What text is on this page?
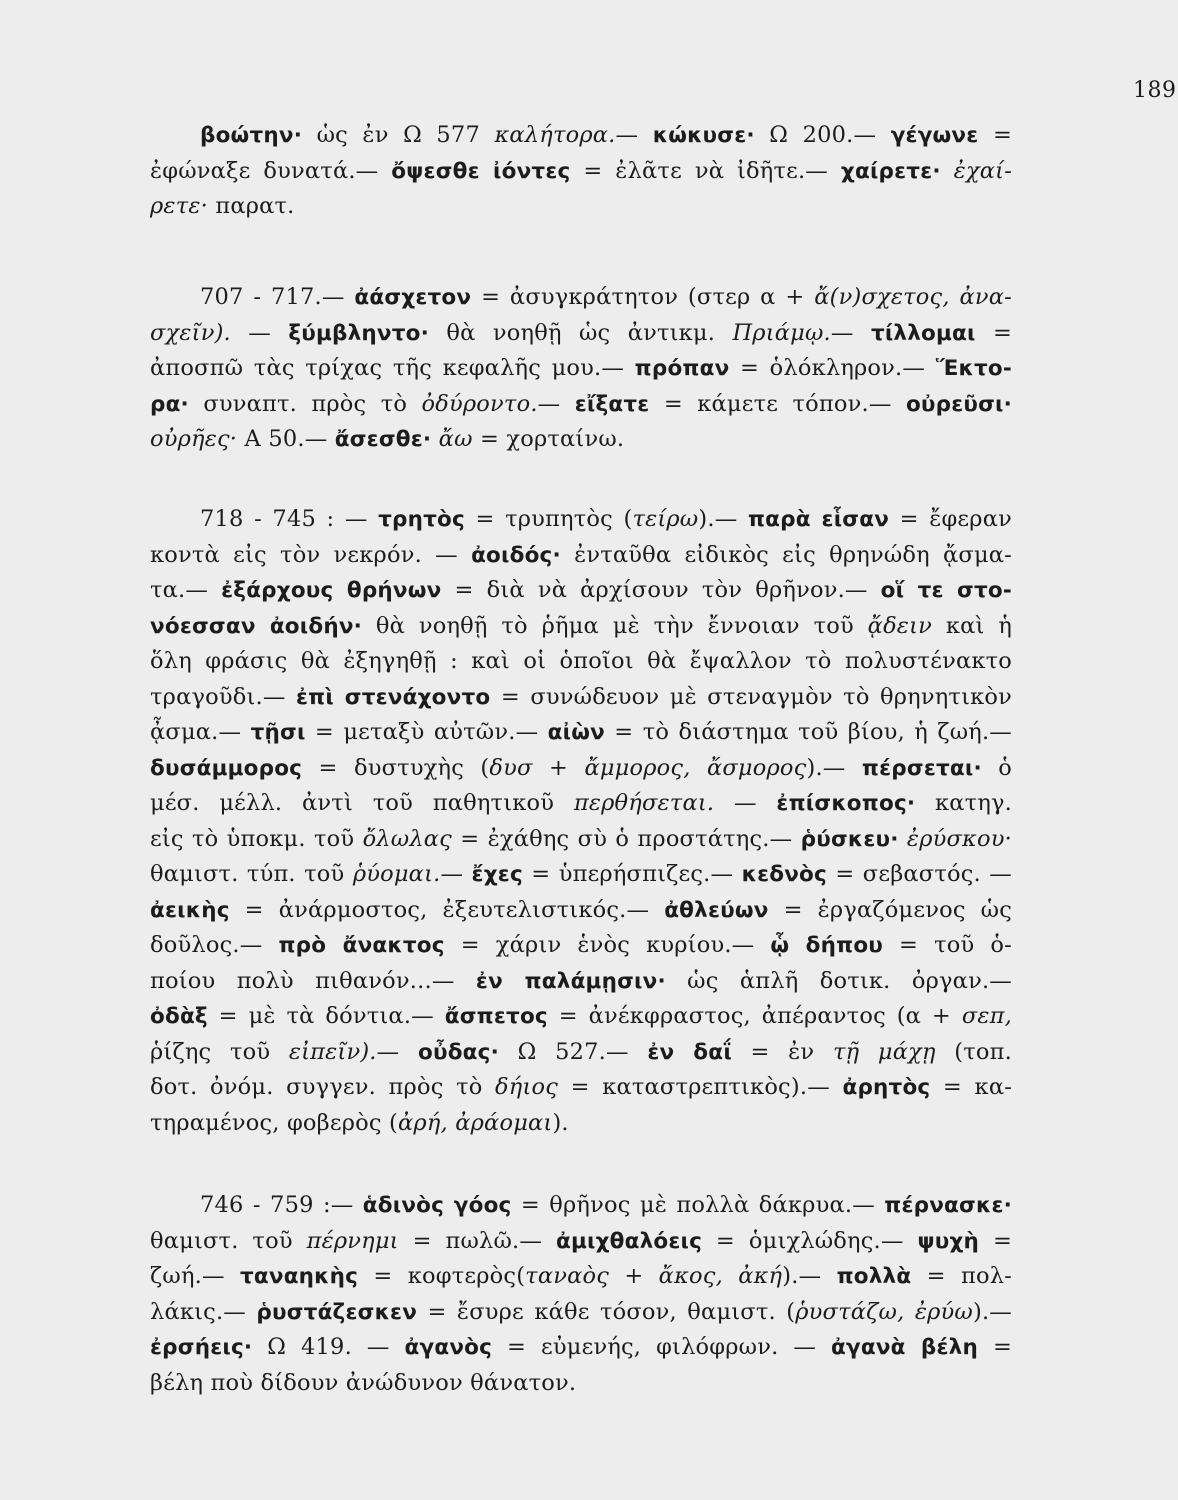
189
βοώτην· ὡς ἐν Ω 577 καλήτορα.— κώκυσε· Ω 200.— γέγωνε =
ἐφώναξε δυνατά.— ὄψεσθε ἰόντες = ἐλᾶτε νὰ ἰδῆτε.— χαίρετε· ἐχαί-
ρετε· παρατ.
707 - 717.— ἀάσχετον = ἀσυγκράτητον (στερ α + ἄ(ν)σχετος, ἀνα-
σχεῖν). — ξύμβληντο· θὰ νοηθῇ ὡς ἀντικμ. Πριάμῳ.— τίλλομαι =
ἀποσπῶ τὰς τρίχας τῆς κεφαλῆς μου.— πρόπαν = ὁλόκληρον.— Ἕκτο-
ρα· συναπτ. πρὸς τὸ ὀδύροντο.— εἴξατε = κάμετε τόπον.— οὐρεῦσι·
οὐρῆες· Α 50.— ἄσεσθε· ἄω = χορταίνω.
718 - 745 : — τρητὸς = τρυπητὸς (τείρω).— παρὰ εἷσαν = ἔφεραν
κοντὰ εἰς τὸν νεκρόν. — ἀοιδός· ἐνταῦθα εἰδικὸς εἰς θρηνώδη ᾄσμα-
τα.— ἐξάρχους θρήνων = διὰ νὰ ἀρχίσουν τὸν θρῆνον.— οἵ τε στο-
νόεσσαν ἀοιδήν· θὰ νοηθῇ τὸ ῥῆμα μὲ τὴν ἔννοιαν τοῦ ᾄδειν καὶ ἡ
ὅλη φράσις θὰ ἐξηγηθῇ : καὶ οἱ ὁποῖοι θὰ ἔψαλλον τὸ πολυστένακτο
τραγοῦδι.— ἐπὶ στενάχοντο = συνώδευον μὲ στεναγμὸν τὸ θρηνητικὸν
ᾆσμα.— τῇσι = μεταξὺ αὐτῶν.— αἰὼν = τὸ διάστημα τοῦ βίου, ἡ ζωή.—
δυσάμμορος = δυστυχὴς (δυσ + ἄμμορος, ἄσμορος).— πέρσεται· ὁ
μέσ. μέλλ. ἀντὶ τοῦ παθητικοῦ περθήσεται. — ἐπίσκοπος· κατηγ.
εἰς τὸ ὑποκμ. τοῦ ὄλωλας = ἐχάθης σὺ ὁ προστάτης.— ῥύσκευ· ἐρύσκου·
θαμιστ. τύπ. τοῦ ῥύομαι.— ἔχες = ὑπερήσπιζες.— κεδνὸς = σεβαστός. —
ἀεικὴς = ἀνάρμοστος, ἐξευτελιστικός.— ἀθλεύων = ἐργαζόμενος ὡς
δοῦλος.— πρὸ ἄνακτος = χάριν ἑνὸς κυρίου.— ᾧ δήπου = τοῦ ὁ-
ποίου πολὺ πιθανόν...— ἐν παλάμῃσιν· ὡς ἁπλῆ δοτικ. ὀργαν.—
ὀδὰξ = μὲ τὰ δόντια.— ἄσπετος = ἀνέκφραστος, ἀπέραντος (α + σεπ,
ῥίζης τοῦ εἰπεῖν).— οὖδας· Ω 527.— ἐν δαΐ = ἐν τῇ μάχῃ (τοπ.
δοτ. ὀνόμ. συγγεν. πρὸς τὸ δήιος = καταστρεπτικὸς).— ἀρητὸς = κα-
τηραμένος, φοβερὸς (ἀρή, ἀράομαι).
746 - 759 :— ἁδινὸς γόος = θρῆνος μὲ πολλὰ δάκρυα.— πέρνασκε·
θαμιστ. τοῦ πέρνημι = πωλῶ.— ἀμιχθαλόεις = ὁμιχλώδης.— ψυχὴ =
ζωή.— ταναηκὴς = κοφτερὸς(ταναὸς + ἄκος, ἀκή).— πολλὰ = πολ-
λάκις.— ῥυστάζεσκεν = ἔσυρε κάθε τόσον, θαμιστ. (ῥυστάζω, ἐρύω).—
ἐρσήεις· Ω 419. — ἀγανὸς = εὐμενής, φιλόφρων. — ἀγανὰ βέλη =
βέλη ποὺ δίδουν ἀνώδυνον θάνατον.
